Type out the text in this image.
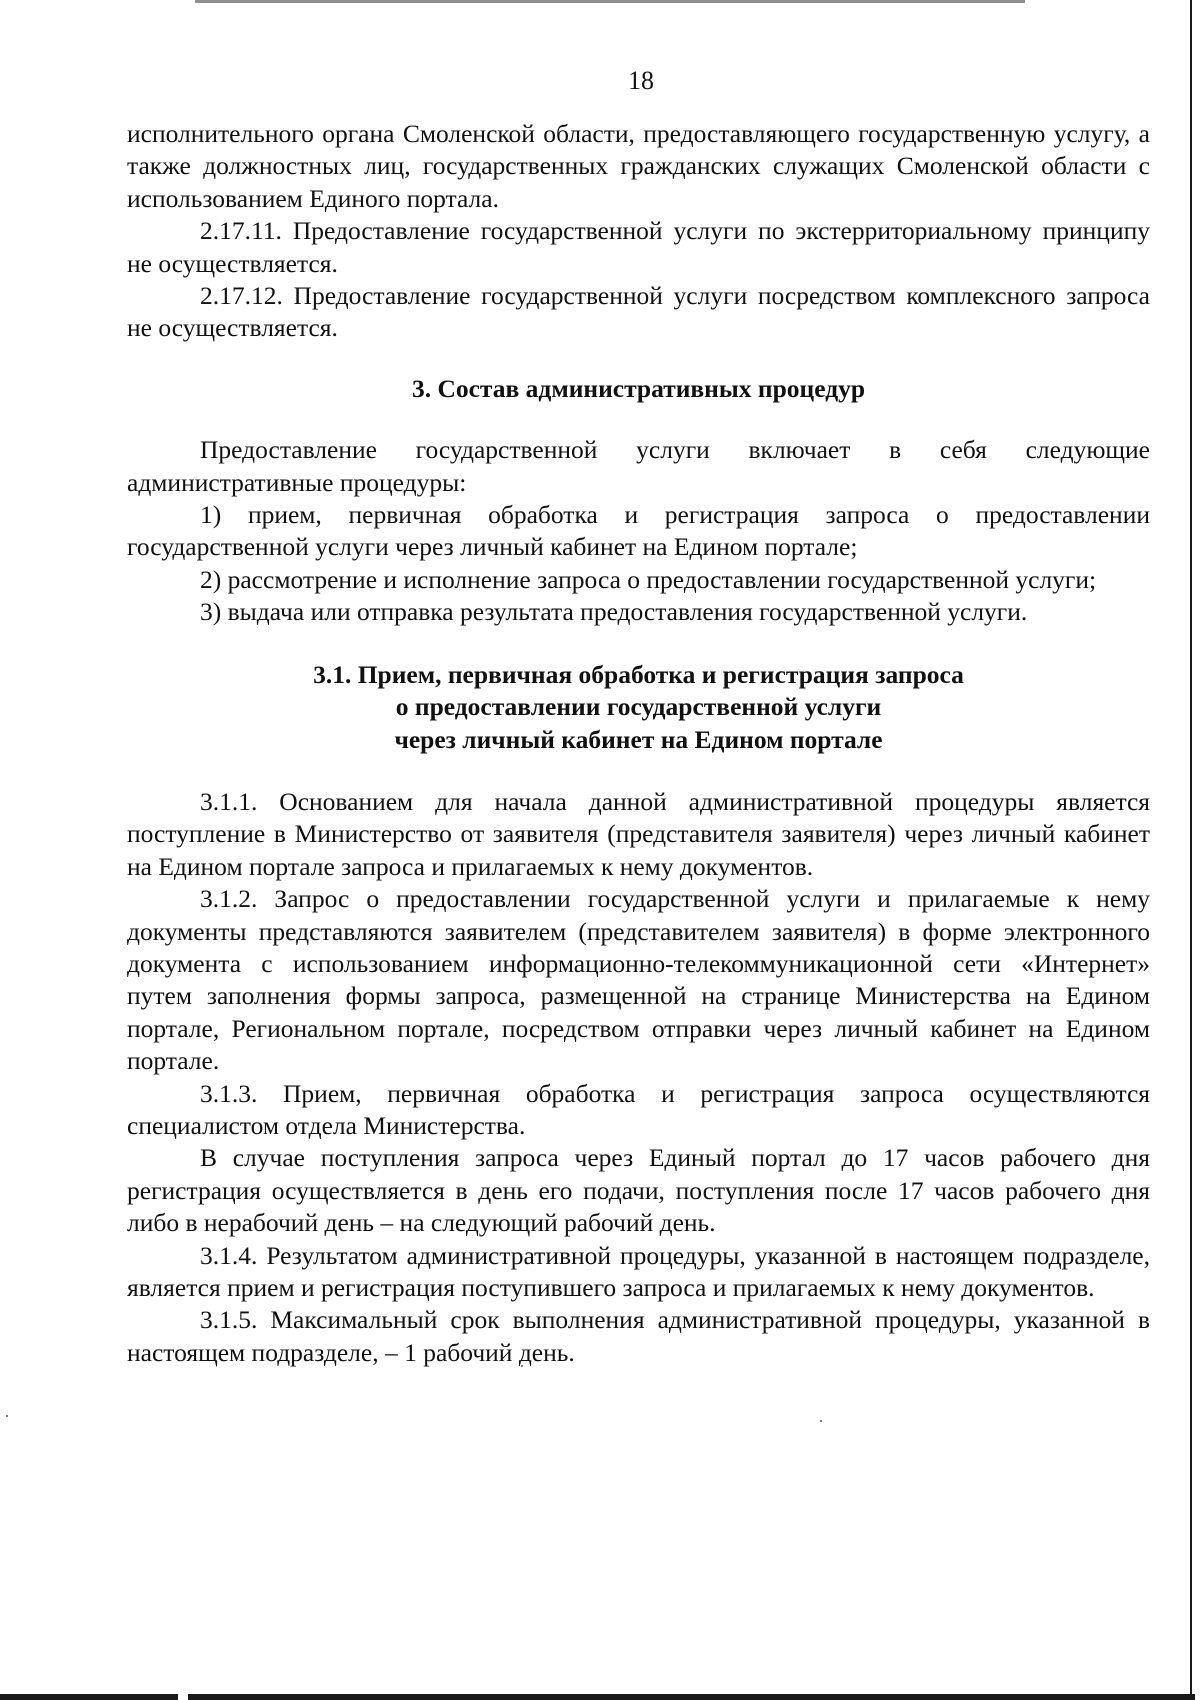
18

исполнительного органа Смоленской области, предоставляющего государственную услугу, а также должностных лиц, государственных гражданских служащих Смоленской области с использованием Единого портала.

2.17.11. Предоставление государственной услуги по экстерриториальному принципу не осуществляется.

2.17.12. Предоставление государственной услуги посредством комплексного запроса не осуществляется.

3. Состав административных процедур

Предоставление государственной услуги включает в себя следующие административные процедуры:

1) прием, первичная обработка и регистрация запроса о предоставлении государственной услуги через личный кабинет на Едином портале;

2) рассмотрение и исполнение запроса о предоставлении государственной услуги;

3) выдача или отправка результата предоставления государственной услуги.

3.1. Прием, первичная обработка и регистрация запроса
о предоставлении государственной услуги
через личный кабинет на Едином портале

3.1.1. Основанием для начала данной административной процедуры является поступление в Министерство от заявителя (представителя заявителя) через личный кабинет на Едином портале запроса и прилагаемых к нему документов.

3.1.2. Запрос о предоставлении государственной услуги и прилагаемые к нему документы представляются заявителем (представителем заявителя) в форме электронного документа с использованием информационно-телекоммуникационной сети «Интернет» путем заполнения формы запроса, размещенной на странице Министерства на Едином портале, Региональном портале, посредством отправки через личный кабинет на Едином портале.

3.1.3. Прием, первичная обработка и регистрация запроса осуществляются специалистом отдела Министерства.

В случае поступления запроса через Единый портал до 17 часов рабочего дня регистрация осуществляется в день его подачи, поступления после 17 часов рабочего дня либо в нерабочий день – на следующий рабочий день.

3.1.4. Результатом административной процедуры, указанной в настоящем подразделе, является прием и регистрация поступившего запроса и прилагаемых к нему документов.

3.1.5. Максимальный срок выполнения административной процедуры, указанной в настоящем подразделе, – 1 рабочий день.
